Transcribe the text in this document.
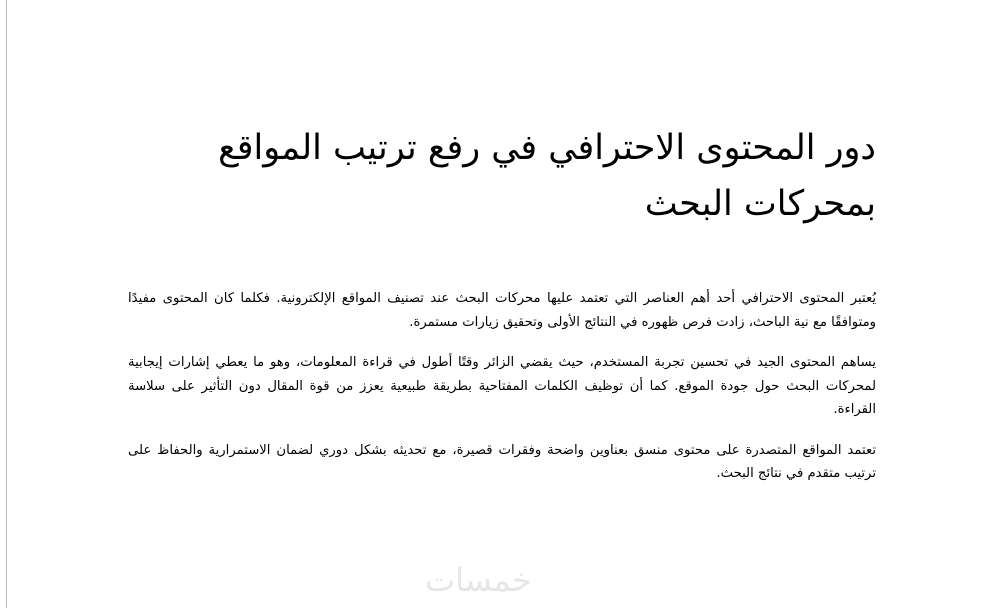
دور المحتوى الاحترافي في رفع ترتيب المواقع بمحركات البحث

يُعتبر المحتوى الاحترافي أحد أهم العناصر التي تعتمد عليها محركات البحث عند تصنيف المواقع الإلكترونية. فكلما كان المحتوى مفيدًا ومتوافقًا مع نية الباحث، زادت فرص ظهوره في النتائج الأولى وتحقيق زيارات مستمرة.

يساهم المحتوى الجيد في تحسين تجربة المستخدم، حيث يقضي الزائر وقتًا أطول في قراءة المعلومات، وهو ما يعطي إشارات إيجابية لمحركات البحث حول جودة الموقع. كما أن توظيف الكلمات المفتاحية بطريقة طبيعية يعزز من قوة المقال دون التأثير على سلاسة القراءة.

تعتمد المواقع المتصدرة على محتوى منسق بعناوين واضحة وفقرات قصيرة، مع تحديثه بشكل دوري لضمان الاستمرارية والحفاظ على ترتيب متقدم في نتائج البحث.

خمسات
